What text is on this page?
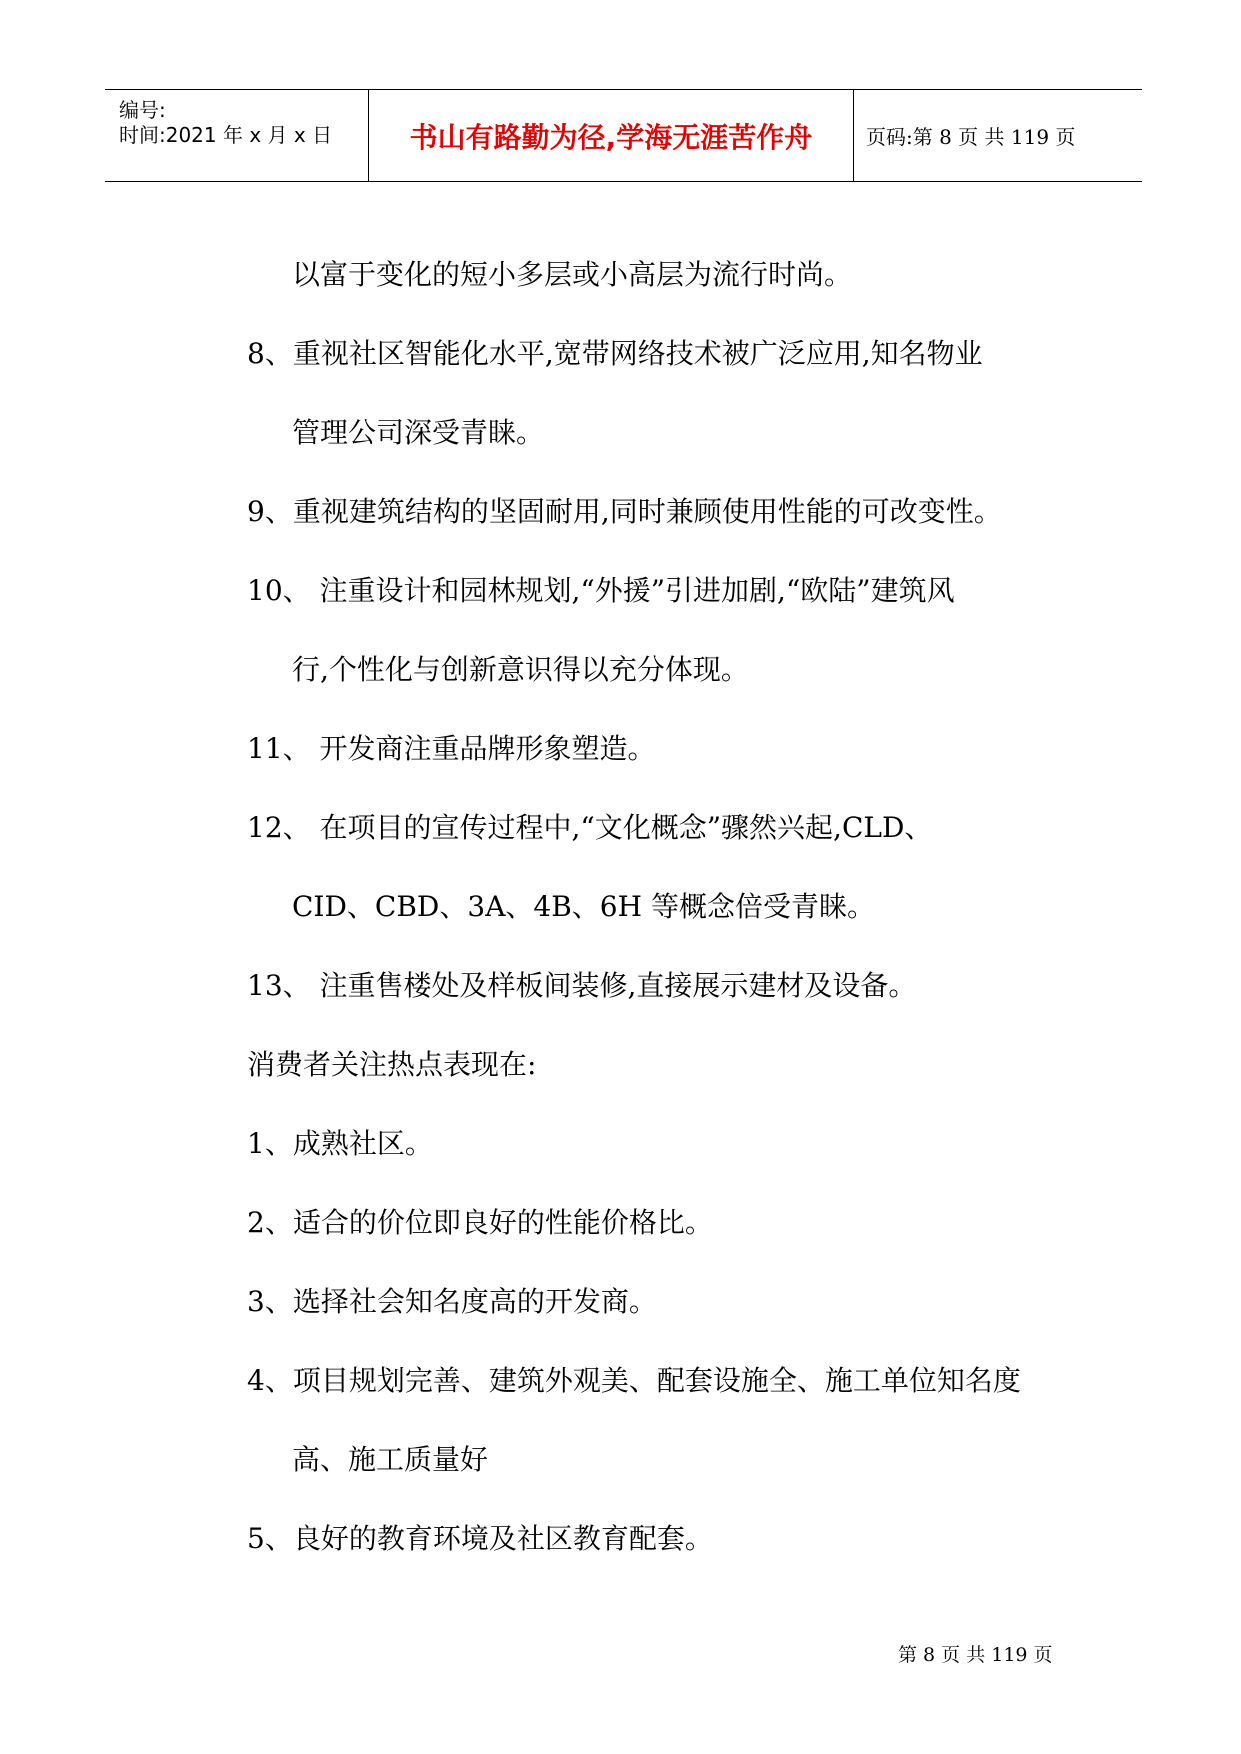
编号:
时间:2021 年 x 月 x 日	书山有路勤为径,学海无涯苦作舟	页码:第 8 页 共 119 页
以富于变化的短小多层或小高层为流行时尚。
8、重视社区智能化水平,宽带网络技术被广泛应用,知名物业
管理公司深受青睐。
9、重视建筑结构的坚固耐用,同时兼顾使用性能的可改变性。
10、 注重设计和园林规划,“外援”引进加剧,“欧陆”建筑风
行,个性化与创新意识得以充分体现。
11、 开发商注重品牌形象塑造。
12、 在项目的宣传过程中,“文化概念”骤然兴起,CLD、
CID、CBD、3A、4B、6H 等概念倍受青睐。
13、 注重售楼处及样板间装修,直接展示建材及设备。
消费者关注热点表现在:
1、成熟社区。
2、适合的价位即良好的性能价格比。
3、选择社会知名度高的开发商。
4、项目规划完善、建筑外观美、配套设施全、施工单位知名度
高、施工质量好
5、良好的教育环境及社区教育配套。
第 8 页 共 119 页
